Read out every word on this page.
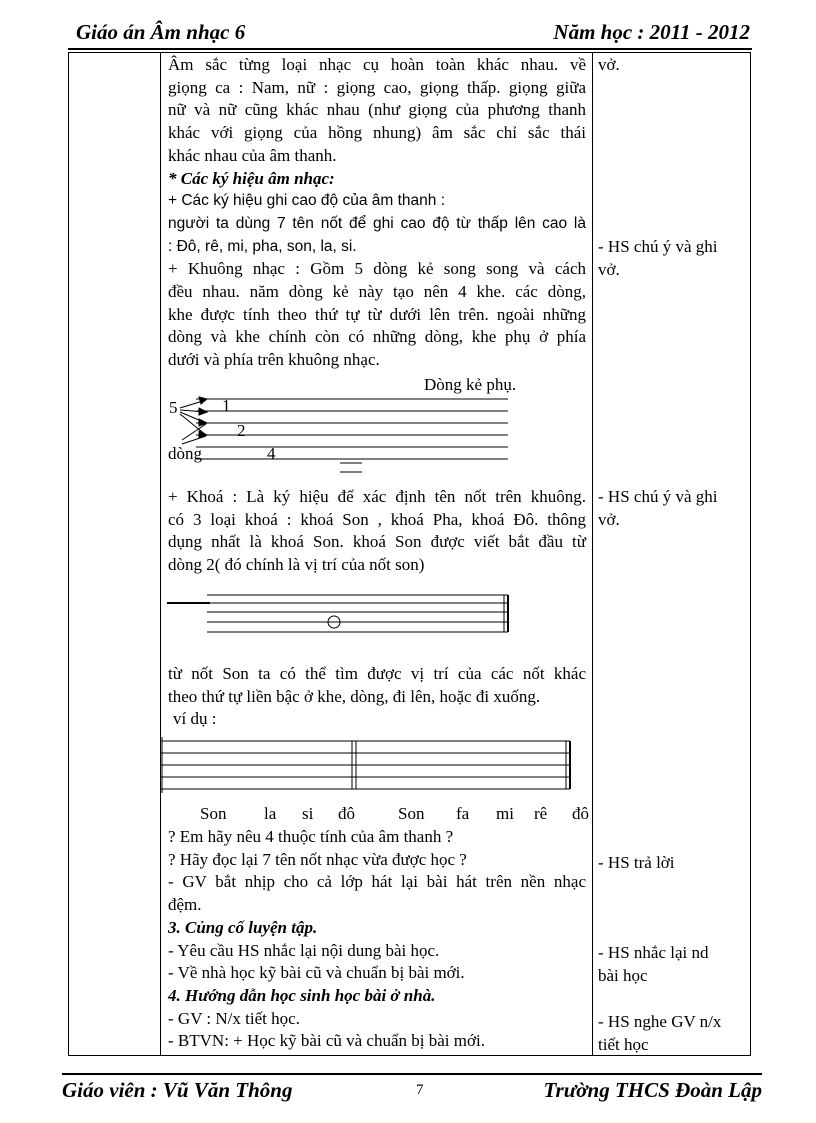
Giáo án Âm nhạc 6	Năm học : 2011 - 2012

Âm sắc từng loại nhạc cụ hoàn toàn khác nhau. về

giọng ca : Nam, nữ : giọng cao, giọng thấp. giọng giữa

nữ và nữ cũng khác nhau (như giọng của phương thanh

khác với giọng của hồng nhung) âm sắc chỉ sắc thái

khác nhau của âm thanh.

* Các ký hiệu âm nhạc:

+ Các ký hiệu ghi cao độ của âm thanh :

người ta dùng 7 tên nốt để ghi cao độ từ thấp lên cao là

: Đô, rê, mi, pha, son, la, si.

+ Khuông nhạc : Gồm 5 dòng kẻ song song và cách

đều nhau. năm dòng kẻ này tạo nên 4 khe. các dòng,

khe được tính theo thứ tự từ dưới lên trên. ngoài những

dòng và khe chính còn có những dòng, khe phụ ở phía

dưới và phía trên khuông nhạc.

Dòng kẻ phụ.
5	1
2
4
dòng

+ Khoá : Là ký hiệu để xác định tên nốt trên khuông.

có 3 loại khoá : khoá Son , khoá Pha, khoá Đô. thông

dụng nhất là khoá Son. khoá Son được viết bắt đầu từ

dòng 2( đó chính là vị trí của nốt son)

từ nốt Son ta có thể tìm được vị trí của các nốt khác

theo thứ tự liền bậc ở khe, dòng, đi lên, hoặc đi xuống.

ví dụ :

Son la si đô	Son fa mi rê đô

? Em hãy nêu 4 thuộc tính của âm thanh ?

? Hãy đọc lại 7 tên nốt nhạc vừa được học ?

- GV bắt nhịp cho cả lớp hát lại bài hát trên nền nhạc

đệm.

3. Củng cố luyện tập.

- Yêu cầu HS nhắc lại nội dung bài học.

- Về nhà học kỹ bài cũ và chuẩn bị bài mới.

4. Hướng dẫn học sinh học bài ở nhà.

- GV : N/x tiết học.

- BTVN: + Học kỹ bài cũ và chuẩn bị bài mới.

vở.

- HS chú ý và ghi

vở.

- HS chú ý và ghi

vở.

- HS trả lời

- HS nhắc lại nd

bài học

- HS nghe GV n/x

tiết học

Giáo viên : Vũ Văn Thông	7	Trường THCS Đoàn Lập
